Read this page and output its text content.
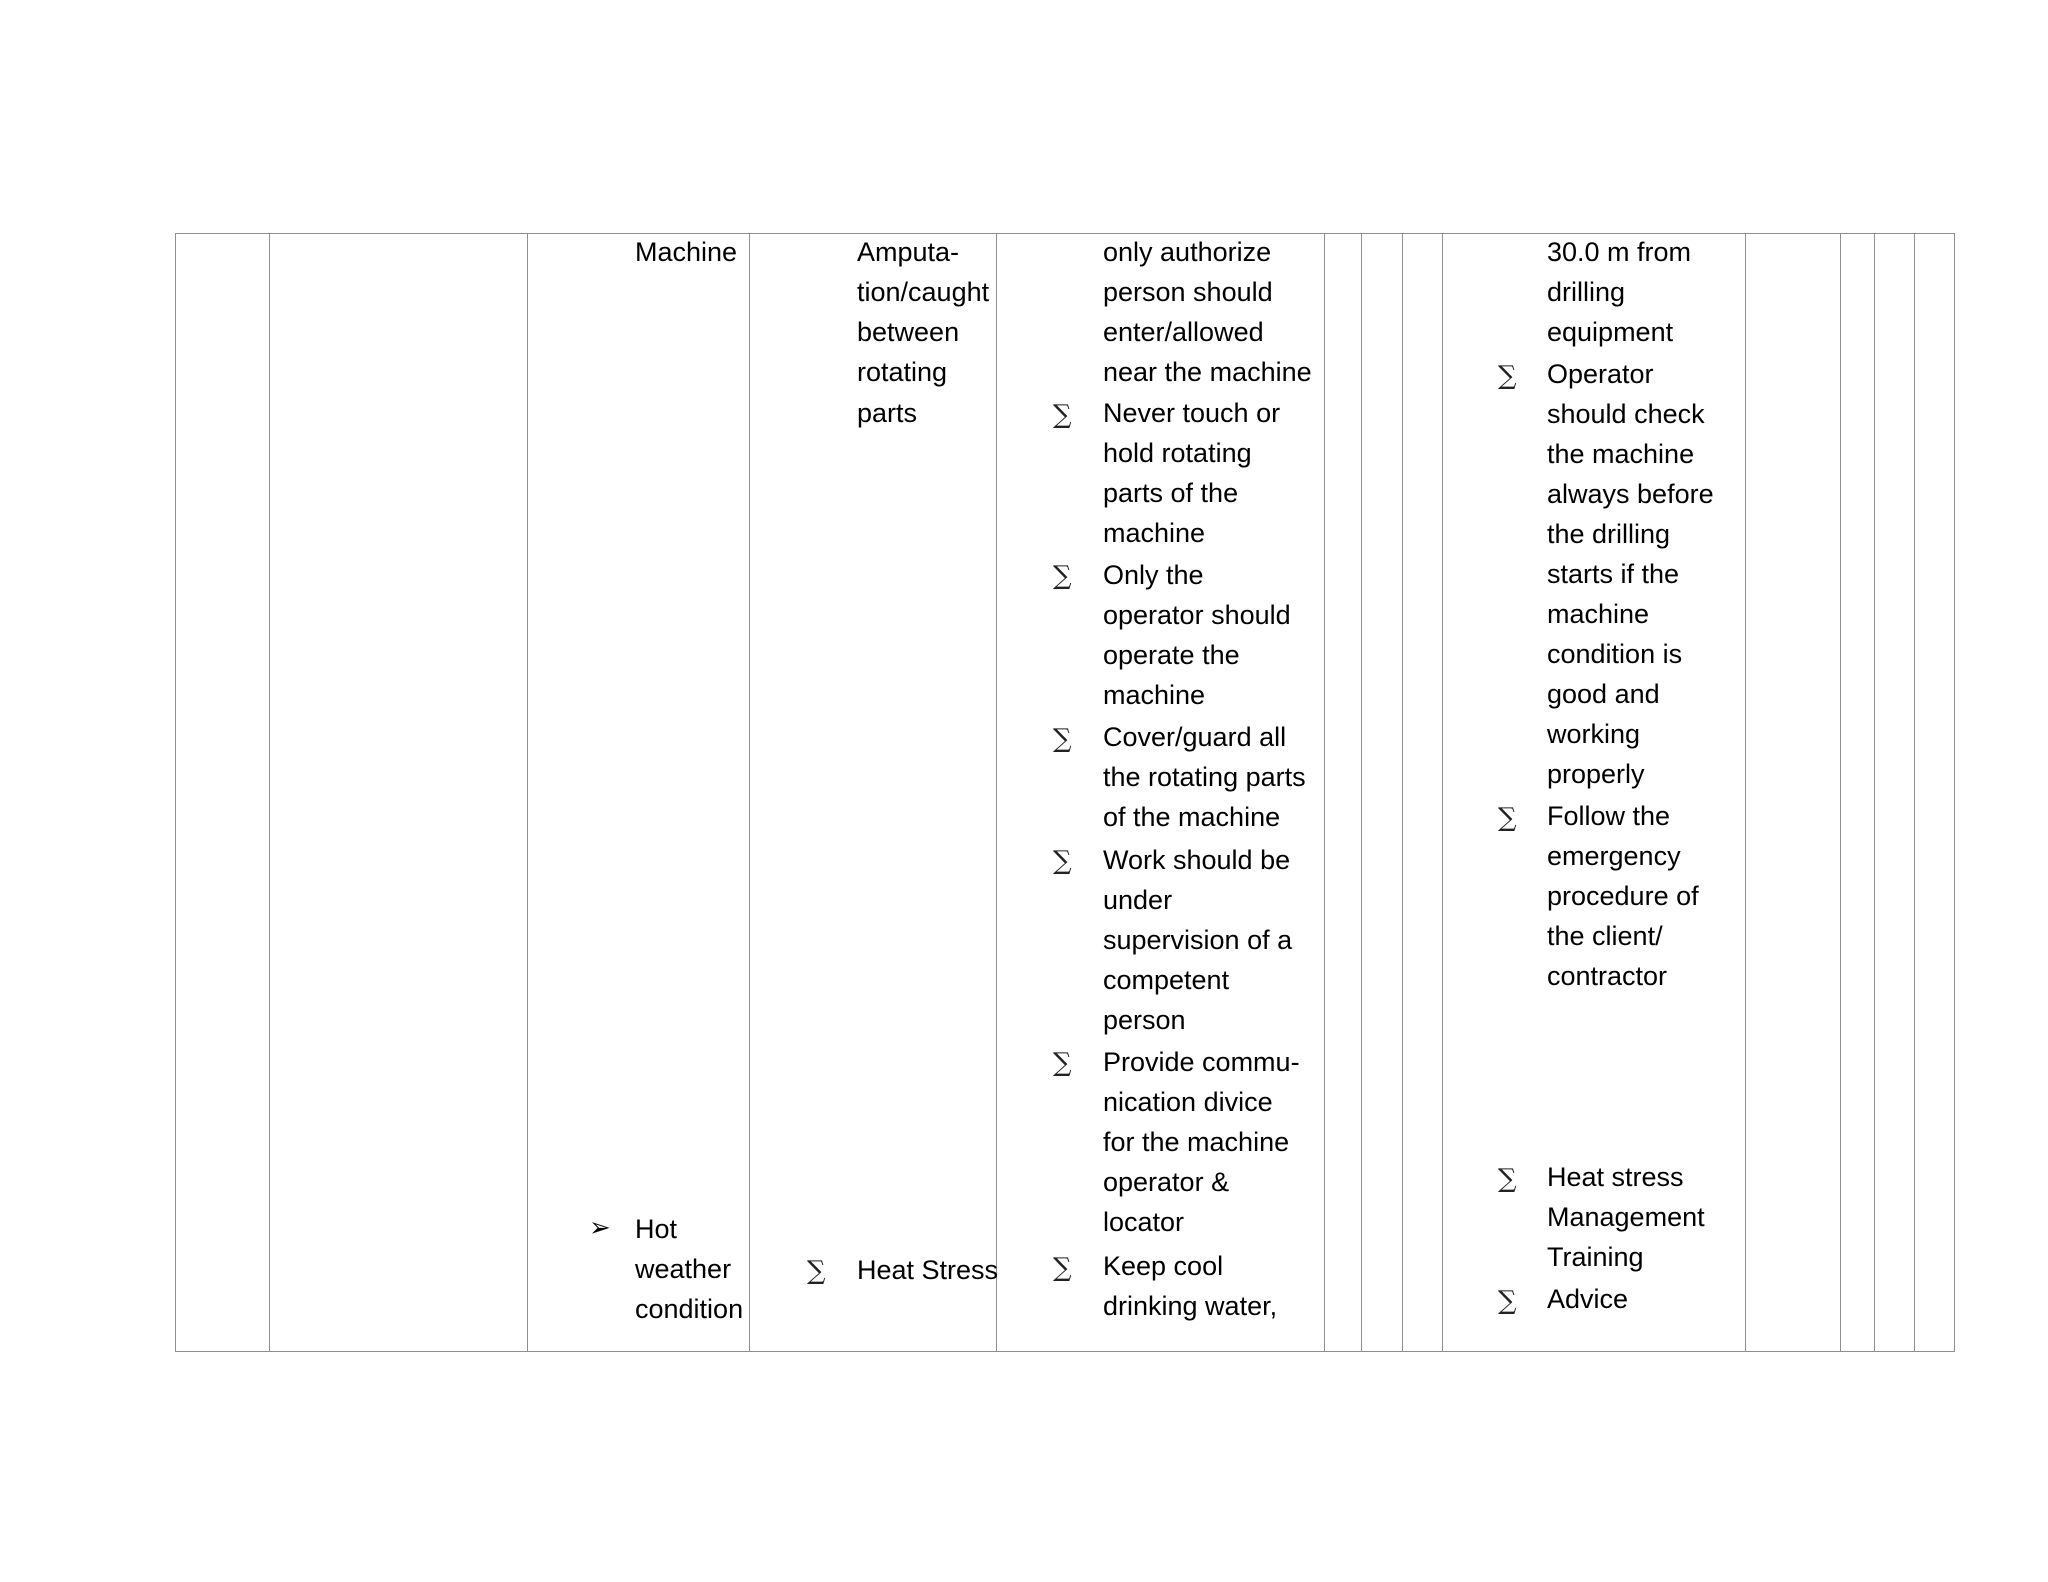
Machine
➢ Hot
weather
condition
Amputa-
tion/caught
between
rotating
parts
∑ Heat Stress
only authorize
person should
enter/allowed
near the machine
∑ Never touch or
hold rotating
parts of the
machine
∑ Only the
operator should
operate the
machine
∑ Cover/guard all
the rotating parts
of the machine
∑ Work should be
under
supervision of a
competent
person
∑ Provide commu-
nication divice
for the machine
operator &
locator
∑ Keep cool
drinking water,
30.0 m from
drilling
equipment
∑ Operator
should check
the machine
always before
the drilling
starts if the
machine
condition is
good and
working
properly
∑ Follow the
emergency
procedure of
the client/
contractor
∑ Heat stress
Management
Training
∑ Advice
